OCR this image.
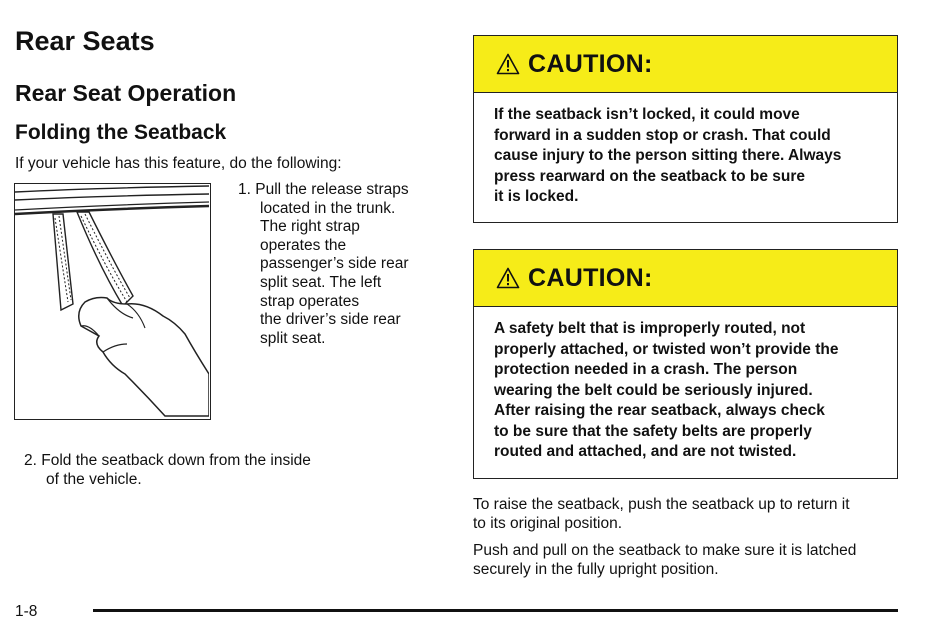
Rear Seats
Rear Seat Operation
Folding the Seatback
If your vehicle has this feature, do the following:
1. Pull the release straps
located in the trunk.
The right strap
operates the
passenger’s side rear
split seat. The left
strap operates
the driver’s side rear
split seat.
2. Fold the seatback down from the inside
of the vehicle.
CAUTION:
If the seatback isn’t locked, it could move
forward in a sudden stop or crash. That could
cause injury to the person sitting there. Always
press rearward on the seatback to be sure
it is locked.
CAUTION:
A safety belt that is improperly routed, not
properly attached, or twisted won’t provide the
protection needed in a crash. The person
wearing the belt could be seriously injured.
After raising the rear seatback, always check
to be sure that the safety belts are properly
routed and attached, and are not twisted.
To raise the seatback, push the seatback up to return it
to its original position.
Push and pull on the seatback to make sure it is latched
securely in the fully upright position.
1-8
